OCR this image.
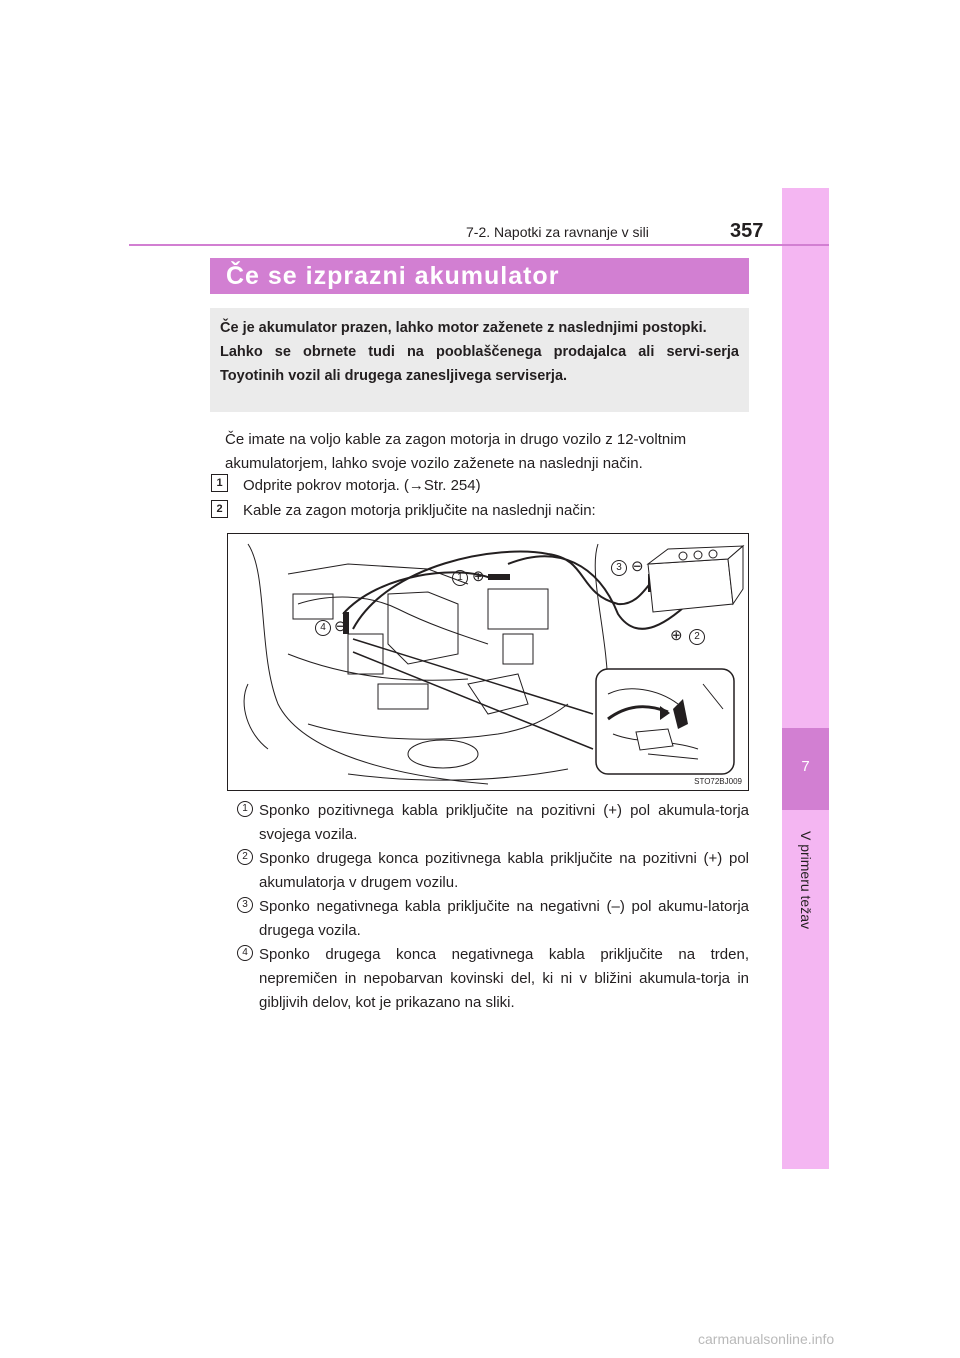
7
V primeru težav
7-2. Napotki za ravnanje v sili	357
Če se izprazni akumulator

Če je akumulator prazen, lahko motor zaženete z naslednjimi postopki.

Lahko se obrnete tudi na pooblaščenega prodajalca ali servi-serja Toyotinih vozil ali drugega zanesljivega serviserja.

Če imate na voljo kable za zagon motorja in drugo vozilo z 12-voltnim akumulatorjem, lahko svoje vozilo zaženete na naslednji način.
1	Odprite pokrov motorja. (→Str. 254)
2	Kable za zagon motorja priključite na naslednji način:
1 ⊕
2
⊕
3 ⊖
4 ⊖
STO72BJ009
1 Sponko pozitivnega kabla priključite na pozitivni (+) pol akumula-torja svojega vozila.
2 Sponko drugega konca pozitivnega kabla priključite na pozitivni (+) pol akumulatorja v drugem vozilu.
3 Sponko negativnega kabla priključite na negativni (–) pol akumu-latorja drugega vozila.
4 Sponko drugega konca negativnega kabla priključite na trden, nepremičen in nepobarvan kovinski del, ki ni v bližini akumula-torja in gibljivih delov, kot je prikazano na sliki.
carmanualsonline.info
